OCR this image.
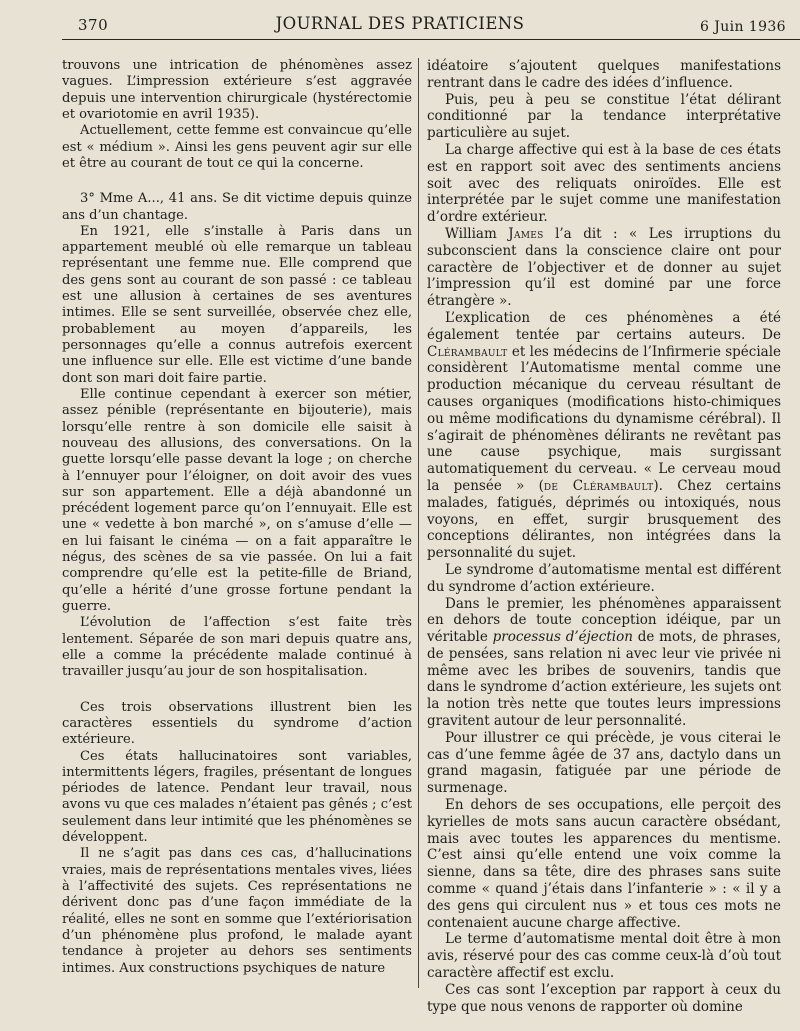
370	JOURNAL DES PRATICIENS	6 Juin 1936

trouvons une intrication de phénomènes assez vagues. L’impression extérieure s’est aggravée depuis une intervention chirurgicale (hystérectomie et ovariotomie en avril 1935).

Actuellement, cette femme est convaincue qu’elle est « médium ». Ainsi les gens peuvent agir sur elle et être au courant de tout ce qui la concerne.

3° Mme A..., 41 ans. Se dit victime depuis quinze ans d’un chantage.

En 1921, elle s’installe à Paris dans un appartement meublé où elle remarque un tableau représentant une femme nue. Elle comprend que des gens sont au courant de son passé : ce tableau est une allusion à certaines de ses aventures intimes. Elle se sent surveillée, observée chez elle, probablement au moyen d’appareils, les personnages qu’elle a connus autrefois exercent une influence sur elle. Elle est victime d’une bande dont son mari doit faire partie.

Elle continue cependant à exercer son métier, assez pénible (représentante en bijouterie), mais lorsqu’elle rentre à son domicile elle saisit à nouveau des allusions, des conversations. On la guette lorsqu’elle passe devant la loge ; on cherche à l’ennuyer pour l’éloigner, on doit avoir des vues sur son appartement. Elle a déjà abandonné un précédent logement parce qu’on l’ennuyait. Elle est une « vedette à bon marché », on s’amuse d’elle — en lui faisant le cinéma — on a fait apparaître le négus, des scènes de sa vie passée. On lui a fait comprendre qu’elle est la petite-fille de Briand, qu’elle a hérité d’une grosse fortune pendant la guerre.

L’évolution de l’affection s’est faite très lentement. Séparée de son mari depuis quatre ans, elle a comme la précédente malade continué à travailler jusqu’au jour de son hospitalisation.

Ces trois observations illustrent bien les caractères essentiels du syndrome d’action extérieure.

Ces états hallucinatoires sont variables, intermittents légers, fragiles, présentant de longues périodes de latence. Pendant leur travail, nous avons vu que ces malades n’étaient pas gênés ; c’est seulement dans leur intimité que les phénomènes se développent.

Il ne s’agit pas dans ces cas, d’hallucinations vraies, mais de représentations mentales vives, liées à l’affectivité des sujets. Ces représentations ne dérivent donc pas d’une façon immédiate de la réalité, elles ne sont en somme que l’extériorisation d’un phénomène plus profond, le malade ayant tendance à projeter au dehors ses sentiments intimes. Aux constructions psychiques de nature

idéatoire s’ajoutent quelques manifestations rentrant dans le cadre des idées d’influence.

Puis, peu à peu se constitue l’état délirant conditionné par la tendance interprétative particulière au sujet.

La charge affective qui est à la base de ces états est en rapport soit avec des sentiments anciens soit avec des reliquats oniroïdes. Elle est interprétée par le sujet comme une manifestation d’ordre extérieur.

William James l’a dit : « Les irruptions du subconscient dans la conscience claire ont pour caractère de l’objectiver et de donner au sujet l’impression qu’il est dominé par une force étrangère ».

L’explication de ces phénomènes a été également tentée par certains auteurs. De Clérambault et les médecins de l’Infirmerie spéciale considèrent l’Automatisme mental comme une production mécanique du cerveau résultant de causes organiques (modifications histo-chimiques ou même modifications du dynamisme cérébral). Il s’agirait de phénomènes délirants ne revêtant pas une cause psychique, mais surgissant automatiquement du cerveau. « Le cerveau moud la pensée » (de Clérambault). Chez certains malades, fatigués, déprimés ou intoxiqués, nous voyons, en effet, surgir brusquement des conceptions délirantes, non intégrées dans la personnalité du sujet.

Le syndrome d’automatisme mental est différent du syndrome d’action extérieure.

Dans le premier, les phénomènes apparaissent en dehors de toute conception idéique, par un véritable processus d’éjection de mots, de phrases, de pensées, sans relation ni avec leur vie privée ni même avec les bribes de souvenirs, tandis que dans le syndrome d’action extérieure, les sujets ont la notion très nette que toutes leurs impressions gravitent autour de leur personnalité.

Pour illustrer ce qui précède, je vous citerai le cas d’une femme âgée de 37 ans, dactylo dans un grand magasin, fatiguée par une période de surmenage.

En dehors de ses occupations, elle perçoit des kyrielles de mots sans aucun caractère obsédant, mais avec toutes les apparences du mentisme. C’est ainsi qu’elle entend une voix comme la sienne, dans sa tête, dire des phrases sans suite comme « quand j’étais dans l’infanterie » : « il y a des gens qui circulent nus » et tous ces mots ne contenaient aucune charge affective.

Le terme d’automatisme mental doit être à mon avis, réservé pour des cas comme ceux-là d’où tout caractère affectif est exclu.

Ces cas sont l’exception par rapport à ceux du type que nous venons de rapporter où domine
